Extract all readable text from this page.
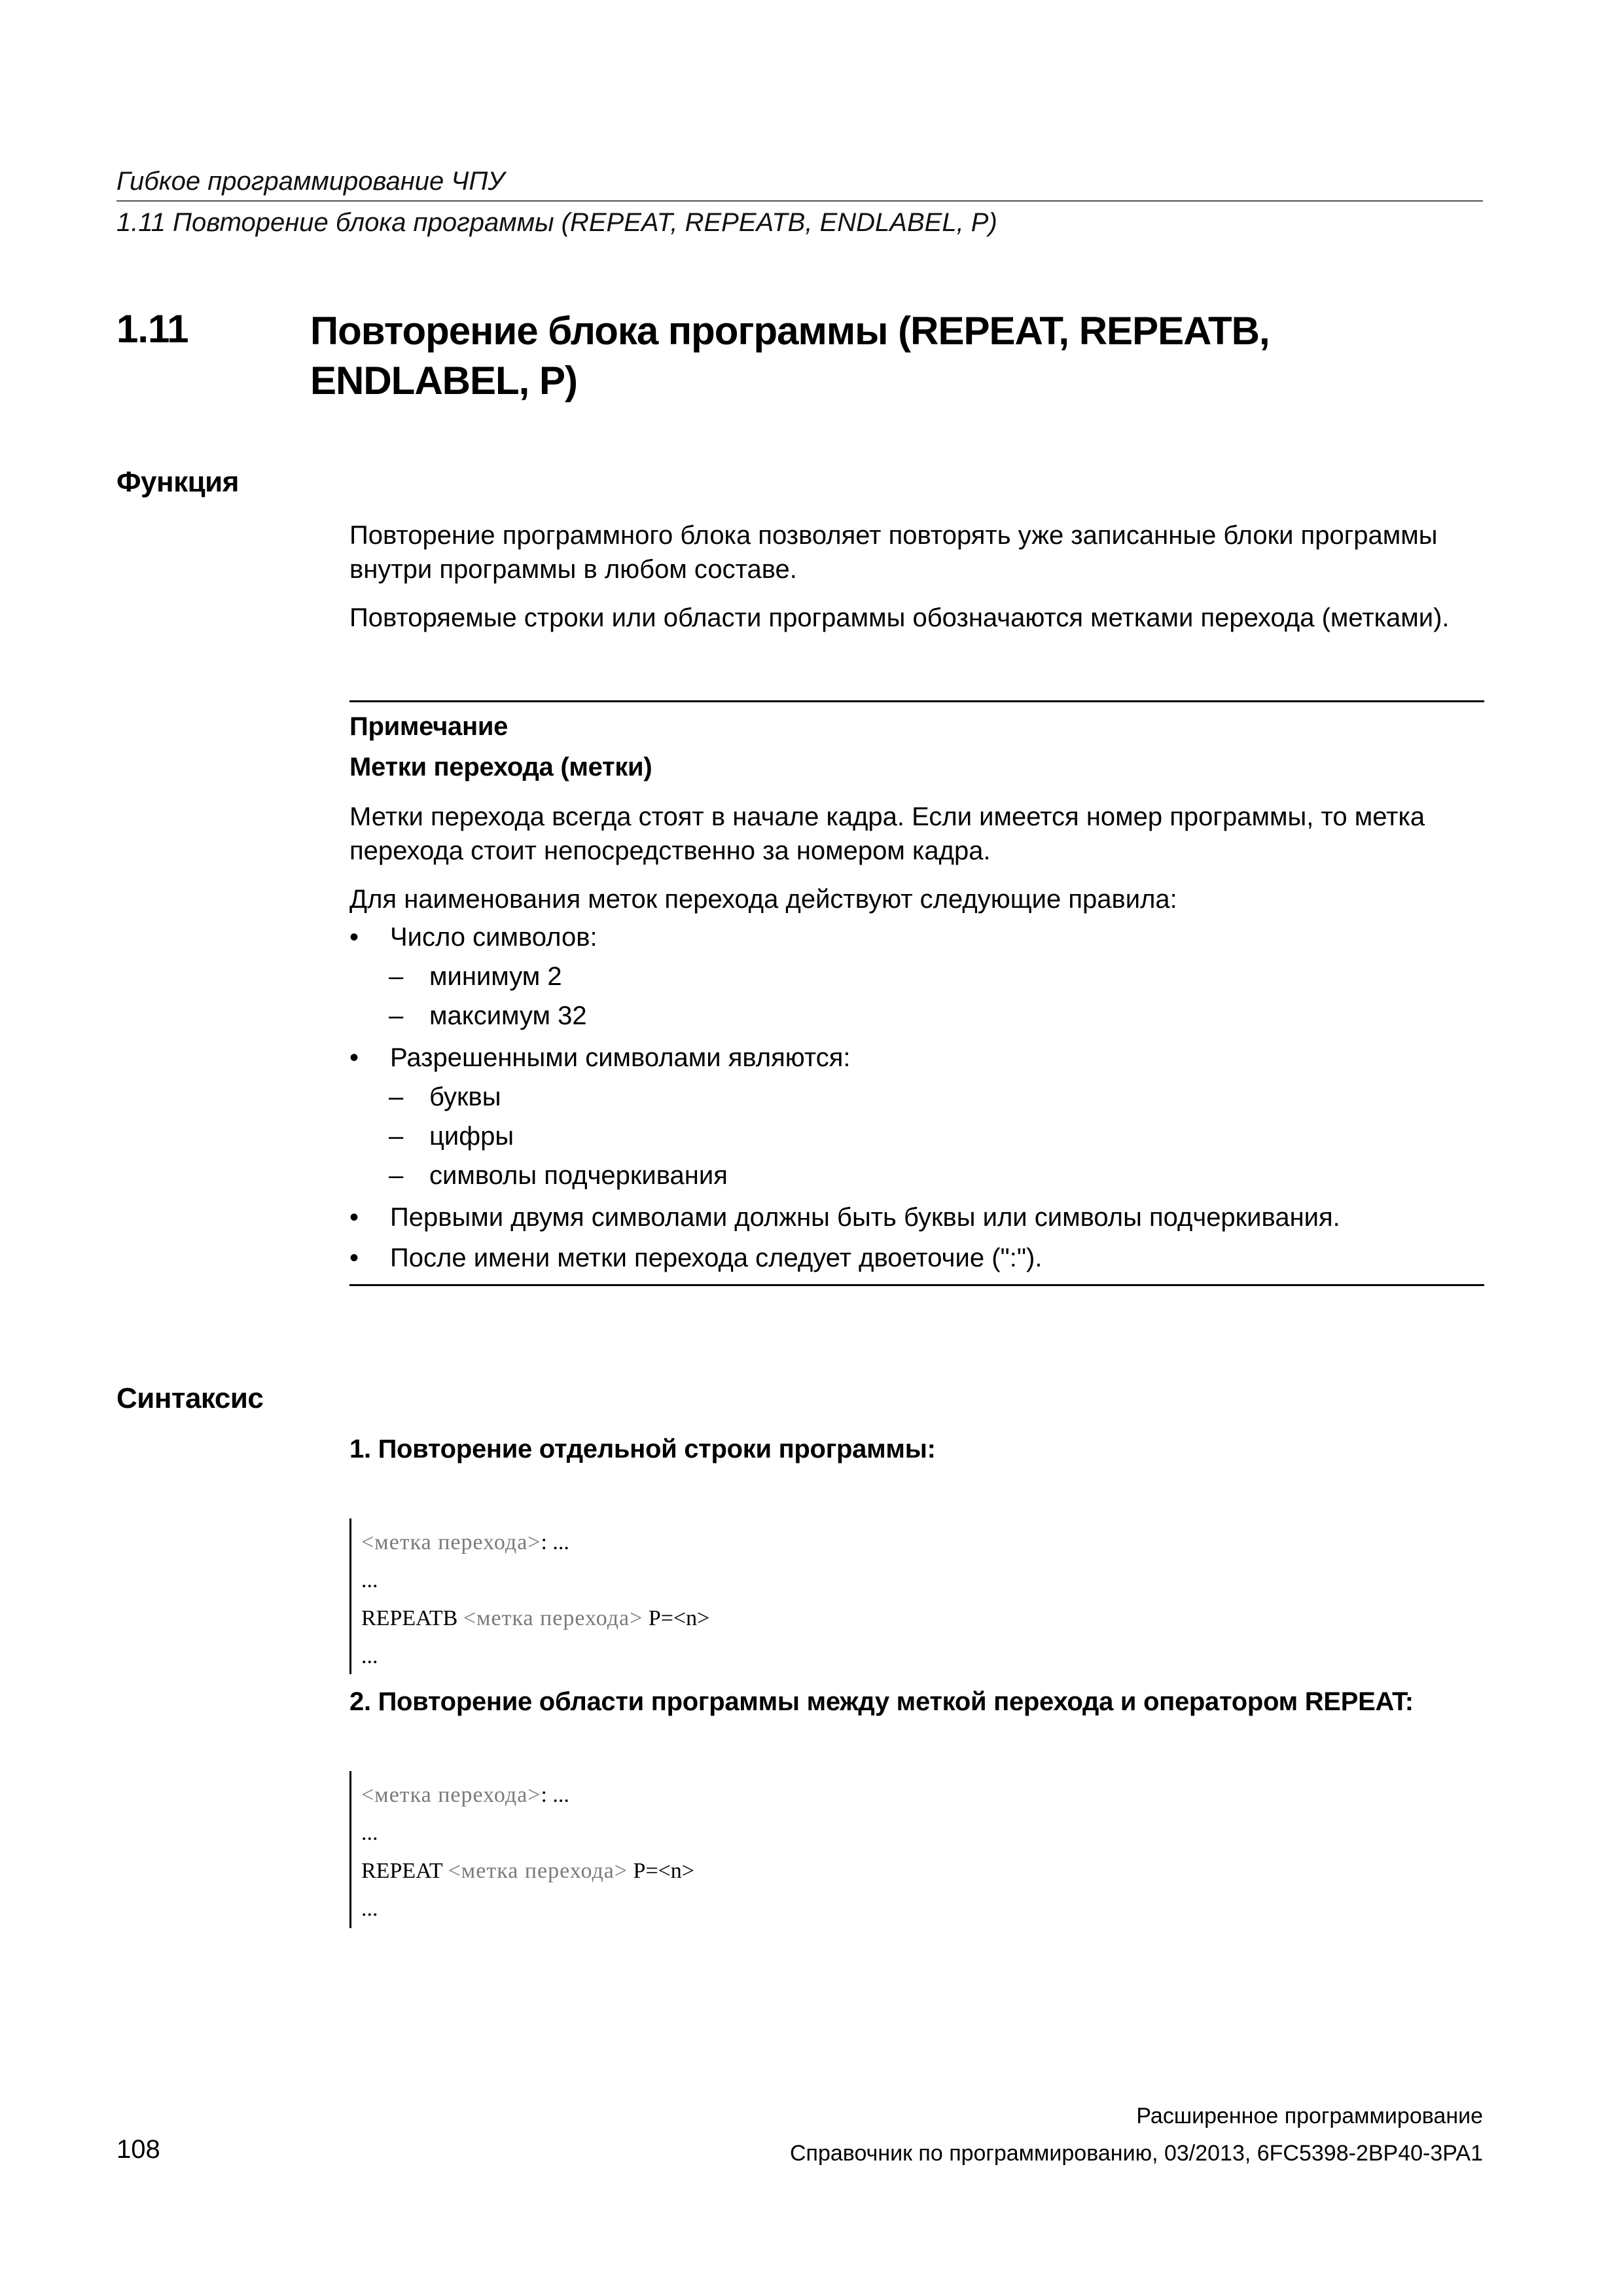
Гибкое программирование ЧПУ
1.11 Повторение блока программы (REPEAT, REPEATB, ENDLABEL, P)
1.11	Повторение блока программы (REPEAT, REPEATB, ENDLABEL, P)
Функция

Повторение программного блока позволяет повторять уже записанные блоки программы внутри программы в любом составе.

Повторяемые строки или области программы обозначаются метками перехода (метками).

Примечание
Метки перехода (метки)

Метки перехода всегда стоят в начале кадра. Если имеется номер программы, то метка перехода стоит непосредственно за номером кадра.

Для наименования меток перехода действуют следующие правила:

• Число символов:
– минимум 2
– максимум 32
• Разрешенными символами являются:
– буквы
– цифры
– символы подчеркивания
• Первыми двумя символами должны быть буквы или символы подчеркивания.
• После имени метки перехода следует двоеточие (":").
Синтаксис
1. Повторение отдельной строки программы:
<метка перехода>: ...
...
REPEATB <метка перехода> P=<n>
...
2. Повторение области программы между меткой перехода и оператором REPEAT:
<метка перехода>: ...
...
REPEAT <метка перехода> P=<n>
...
Расширенное программирование
108	Справочник по программированию, 03/2013, 6FC5398-2BP40-3PA1
